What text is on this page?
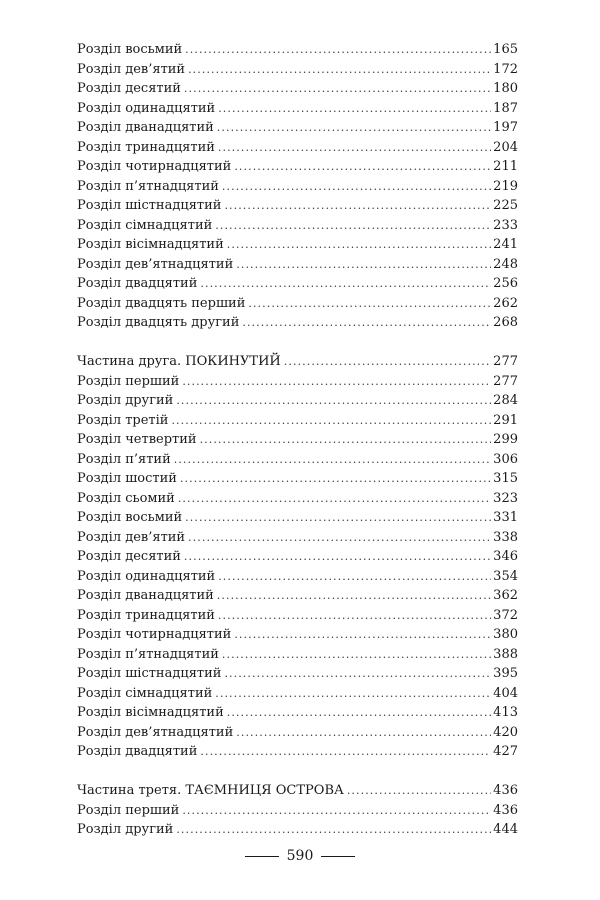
Розділ восьмий . . .	165
Розділ дев’ятий . . .	172
Розділ десятий . . .	180
Розділ одинадцятий . . .	187
Розділ дванадцятий . . .	197
Розділ тринадцятий . . .	204
Розділ чотирнадцятий . . .	211
Розділ п’ятнадцятий . . .	219
Розділ шістнадцятий . . .	225
Розділ сімнадцятий . . .	233
Розділ вісімнадцятий . . .	241
Розділ дев’ятнадцятий . . .	248
Розділ двадцятий . . .	256
Розділ двадцять перший . . .	262
Розділ двадцять другий . . .	268
Частина друга. ПОКИНУТИЙ . . .	277
Розділ перший . . .	277
Розділ другий . . .	284
Розділ третій . . .	291
Розділ четвертий . . .	299
Розділ п’ятий . . .	306
Розділ шостий . . .	315
Розділ сьомий . . .	323
Розділ восьмий . . .	331
Розділ дев’ятий . . .	338
Розділ десятий . . .	346
Розділ одинадцятий . . .	354
Розділ дванадцятий . . .	362
Розділ тринадцятий . . .	372
Розділ чотирнадцятий . . .	380
Розділ п’ятнадцятий . . .	388
Розділ шістнадцятий . . .	395
Розділ сімнадцятий . . .	404
Розділ вісімнадцятий . . .	413
Розділ дев’ятнадцятий . . .	420
Розділ двадцятий . . .	427
Частина третя. ТАЄМНИЦЯ ОСТРОВА . . .	436
Розділ перший . . .	436
Розділ другий . . .	444
590
